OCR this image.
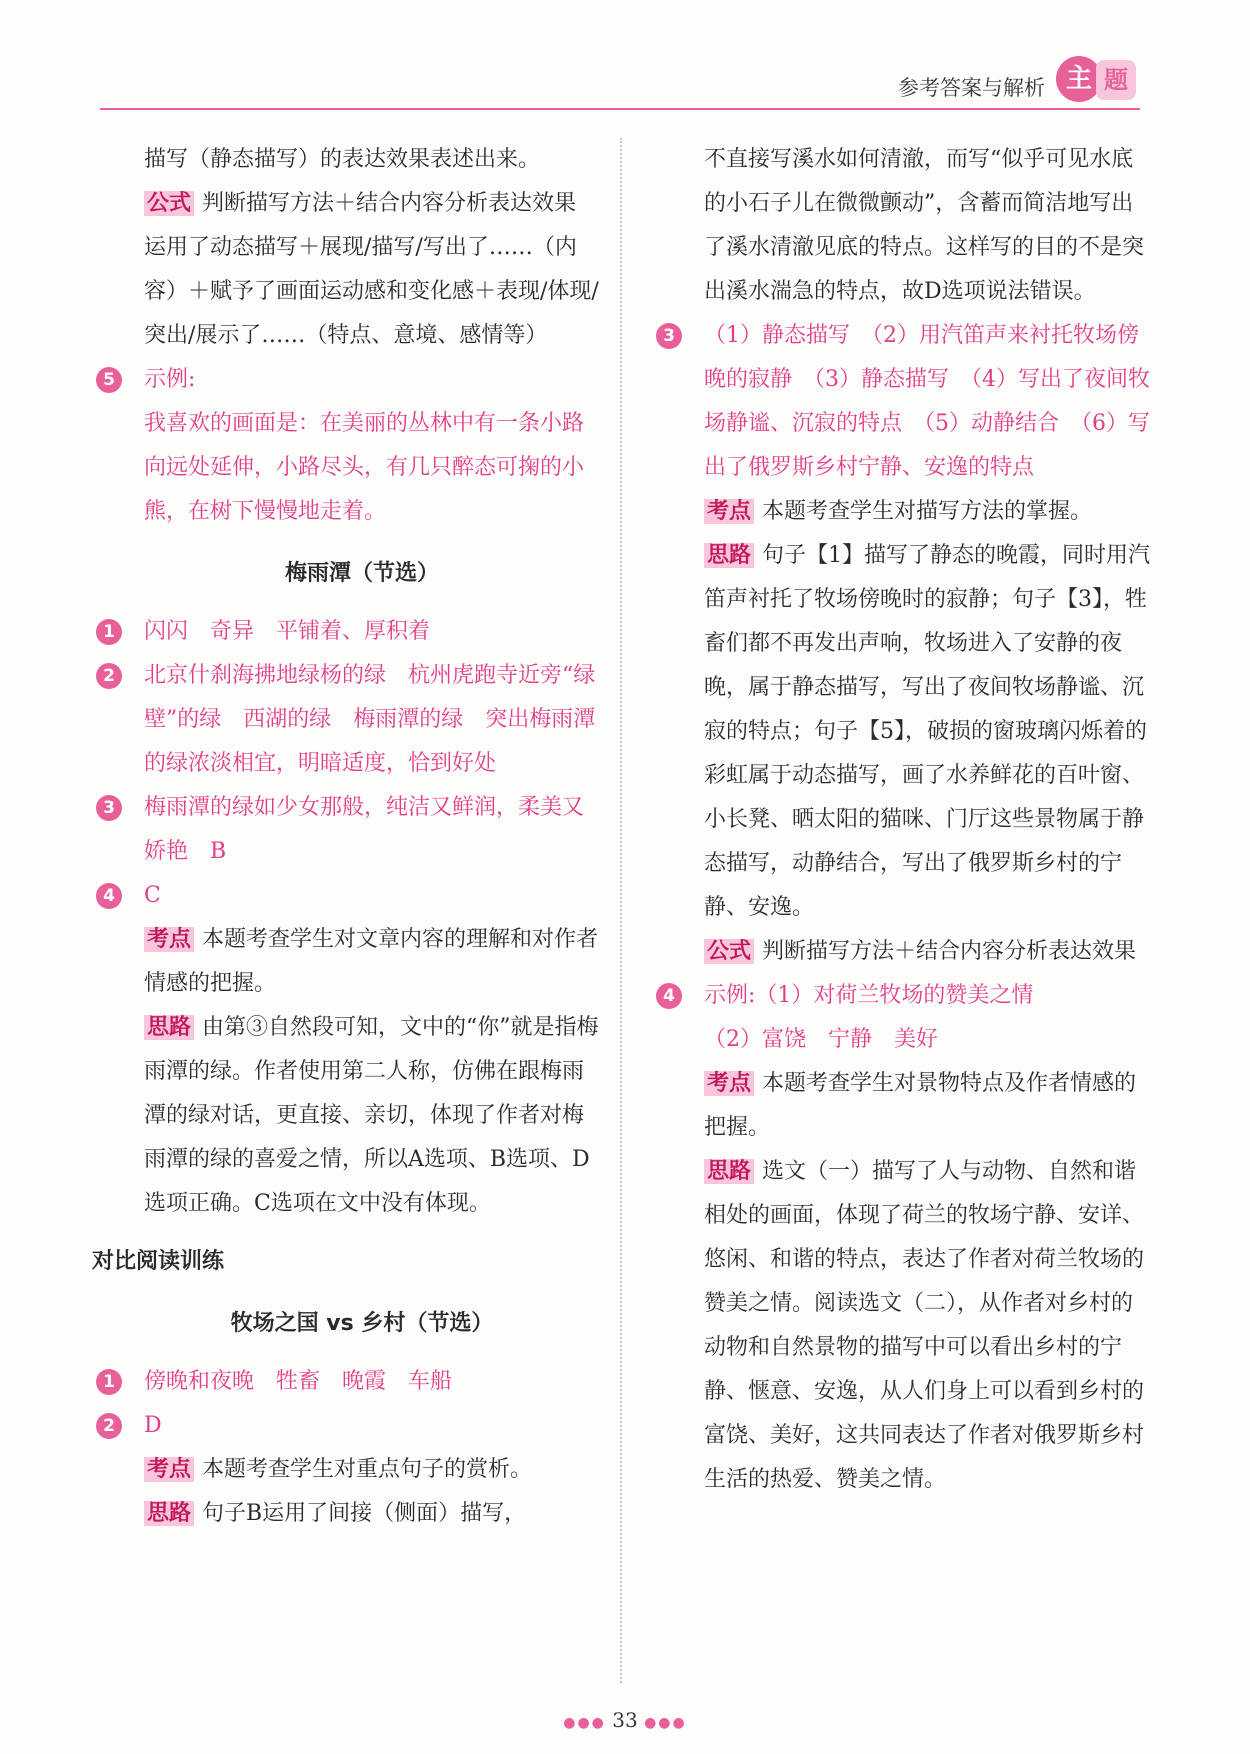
参考答案与解析 主 题

描写（静态描写）的表达效果表述出来。

公式 判断描写方法＋结合内容分析表达效果

运用了动态描写＋展现/描写/写出了……（内容）＋赋予了画面运动感和变化感＋表现/体现/突出/展示了……（特点、意境、感情等）

5	示例:

我喜欢的画面是：在美丽的丛林中有一条小路向远处延伸，小路尽头，有几只醉态可掬的小熊，在树下慢慢地走着。

梅雨潭（节选）
1	闪闪　奇异　平铺着、厚积着

2	北京什刹海拂地绿杨的绿　杭州虎跑寺近旁“绿壁”的绿　西湖的绿　梅雨潭的绿　突出梅雨潭的绿浓淡相宜，明暗适度，恰到好处

3	梅雨潭的绿如少女那般，纯洁又鲜润，柔美又娇艳　B

4	C

考点 本题考查学生对文章内容的理解和对作者情感的把握。

思路 由第③自然段可知，文中的“你”就是指梅雨潭的绿。作者使用第二人称，仿佛在跟梅雨潭的绿对话，更直接、亲切，体现了作者对梅雨潭的绿的喜爱之情，所以A选项、B选项、D选项正确。C选项在文中没有体现。

对比阅读训练
牧场之国 vs 乡村（节选）
1	傍晚和夜晚　牲畜　晚霞　车船

2	D

考点 本题考查学生对重点句子的赏析。

思路 句子B运用了间接（侧面）描写，

不直接写溪水如何清澈，而写“似乎可见水底的小石子儿在微微颤动”，含蓄而简洁地写出了溪水清澈见底的特点。这样写的目的不是突出溪水湍急的特点，故D选项说法错误。

3	（1）静态描写　（2）用汽笛声来衬托牧场傍晚的寂静　（3）静态描写　（4）写出了夜间牧场静谧、沉寂的特点　（5）动静结合　（6）写出了俄罗斯乡村宁静、安逸的特点

考点 本题考查学生对描写方法的掌握。

思路 句子【1】描写了静态的晚霞，同时用汽笛声衬托了牧场傍晚时的寂静；句子【3】，牲畜们都不再发出声响，牧场进入了安静的夜晚，属于静态描写，写出了夜间牧场静谧、沉寂的特点；句子【5】，破损的窗玻璃闪烁着的彩虹属于动态描写，画了水养鲜花的百叶窗、小长凳、晒太阳的猫咪、门厅这些景物属于静态描写，动静结合，写出了俄罗斯乡村的宁静、安逸。

公式 判断描写方法＋结合内容分析表达效果

4	示例:（1）对荷兰牧场的赞美之情

（2）富饶　宁静　美好

考点 本题考查学生对景物特点及作者情感的把握。

思路 选文（一）描写了人与动物、自然和谐相处的画面，体现了荷兰的牧场宁静、安详、悠闲、和谐的特点，表达了作者对荷兰牧场的赞美之情。阅读选文（二），从作者对乡村的动物和自然景物的描写中可以看出乡村的宁静、惬意、安逸，从人们身上可以看到乡村的富饶、美好，这共同表达了作者对俄罗斯乡村生活的热爱、赞美之情。

●●● 33 ●●●
